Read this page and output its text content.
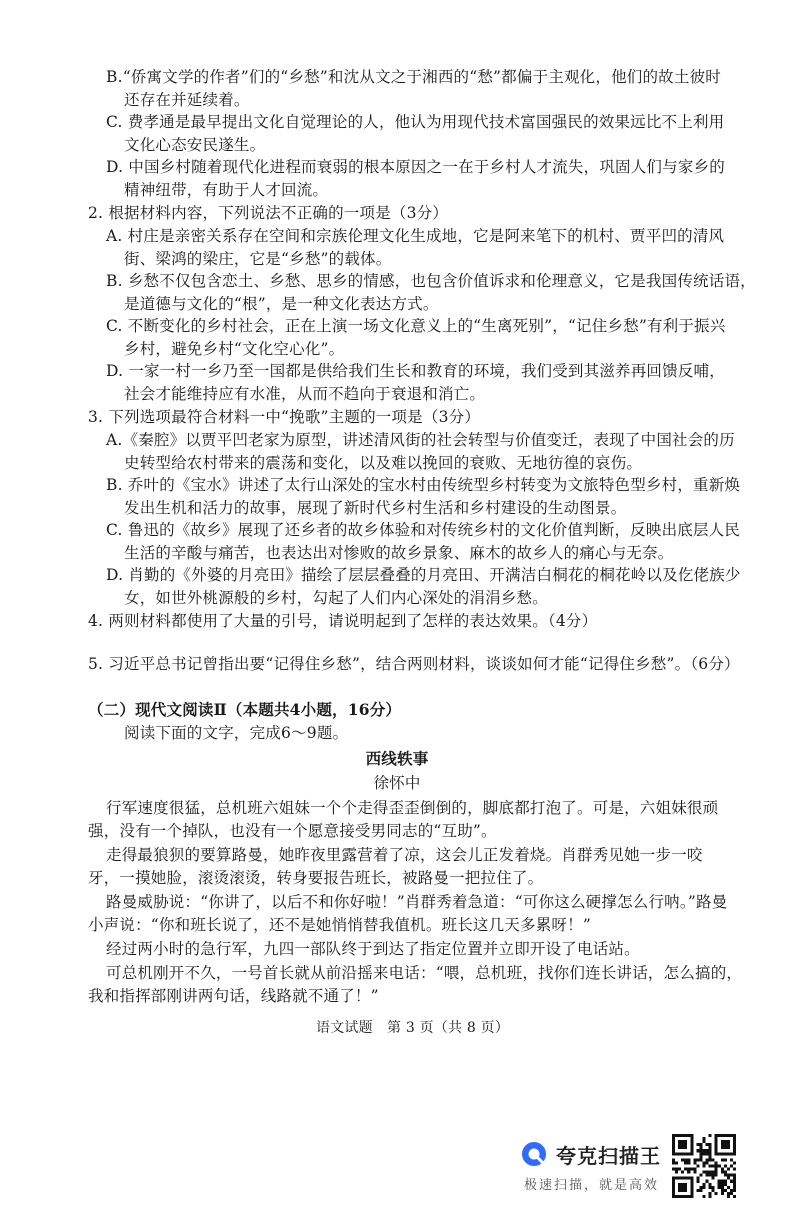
B.“侨寓文学的作者”们的“乡愁”和沈从文之于湘西的“愁”都偏于主观化，他们的故土彼时
还存在并延续着。
C. 费孝通是最早提出文化自觉理论的人，他认为用现代技术富国强民的效果远比不上利用
文化心态安民遂生。
D. 中国乡村随着现代化进程而衰弱的根本原因之一在于乡村人才流失，巩固人们与家乡的
精神纽带，有助于人才回流。
2. 根据材料内容，下列说法不正确的一项是（3分）
A. 村庄是亲密关系存在空间和宗族伦理文化生成地，它是阿来笔下的机村、贾平凹的清风
街、梁鸿的梁庄，它是“乡愁”的载体。
B. 乡愁不仅包含恋土、乡愁、思乡的情感，也包含价值诉求和伦理意义，它是我国传统话语，
是道德与文化的“根”，是一种文化表达方式。
C. 不断变化的乡村社会，正在上演一场文化意义上的“生离死别”，“记住乡愁”有利于振兴
乡村，避免乡村“文化空心化”。
D. 一家一村一乡乃至一国都是供给我们生长和教育的环境，我们受到其滋养再回馈反哺，
社会才能维持应有水准，从而不趋向于衰退和消亡。
3. 下列选项最符合材料一中“挽歌”主题的一项是（3分）
A.《秦腔》以贾平凹老家为原型，讲述清风街的社会转型与价值变迁，表现了中国社会的历
史转型给农村带来的震荡和变化，以及难以挽回的衰败、无地彷徨的哀伤。
B. 乔叶的《宝水》讲述了太行山深处的宝水村由传统型乡村转变为文旅特色型乡村，重新焕
发出生机和活力的故事，展现了新时代乡村生活和乡村建设的生动图景。
C. 鲁迅的《故乡》展现了还乡者的故乡体验和对传统乡村的文化价值判断，反映出底层人民
生活的辛酸与痛苦，也表达出对惨败的故乡景象、麻木的故乡人的痛心与无奈。
D. 肖勤的《外婆的月亮田》描绘了层层叠叠的月亮田、开满洁白桐花的桐花岭以及仡佬族少
女，如世外桃源般的乡村，勾起了人们内心深处的涓涓乡愁。
4. 两则材料都使用了大量的引号，请说明起到了怎样的表达效果。（4分）
5. 习近平总书记曾指出要“记得住乡愁”，结合两则材料，谈谈如何才能“记得住乡愁”。（6分）
（二）现代文阅读Ⅱ（本题共4小题，16分）
阅读下面的文字，完成6～9题。
西线轶事
徐怀中
行军速度很猛，总机班六姐妹一个个走得歪歪倒倒的，脚底都打泡了。可是，六姐妹很顽
强，没有一个掉队，也没有一个愿意接受男同志的“互助”。
走得最狼狈的要算路曼，她昨夜里露营着了凉，这会儿正发着烧。肖群秀见她一步一咬
牙，一摸她脸，滚烫滚烫，转身要报告班长，被路曼一把拉住了。
路曼威胁说：“你讲了，以后不和你好啦！”肖群秀着急道：“可你这么硬撑怎么行呐。”路曼
小声说：“你和班长说了，还不是她悄悄替我值机。班长这几天多累呀！”
经过两小时的急行军，九四一部队终于到达了指定位置并立即开设了电话站。
可总机刚开不久，一号首长就从前沿摇来电话：“喂，总机班，找你们连长讲话，怎么搞的，
我和指挥部刚讲两句话，线路就不通了！”
语文试题　第 3 页（共 8 页）
夸克扫描王
极速扫描，就是高效
